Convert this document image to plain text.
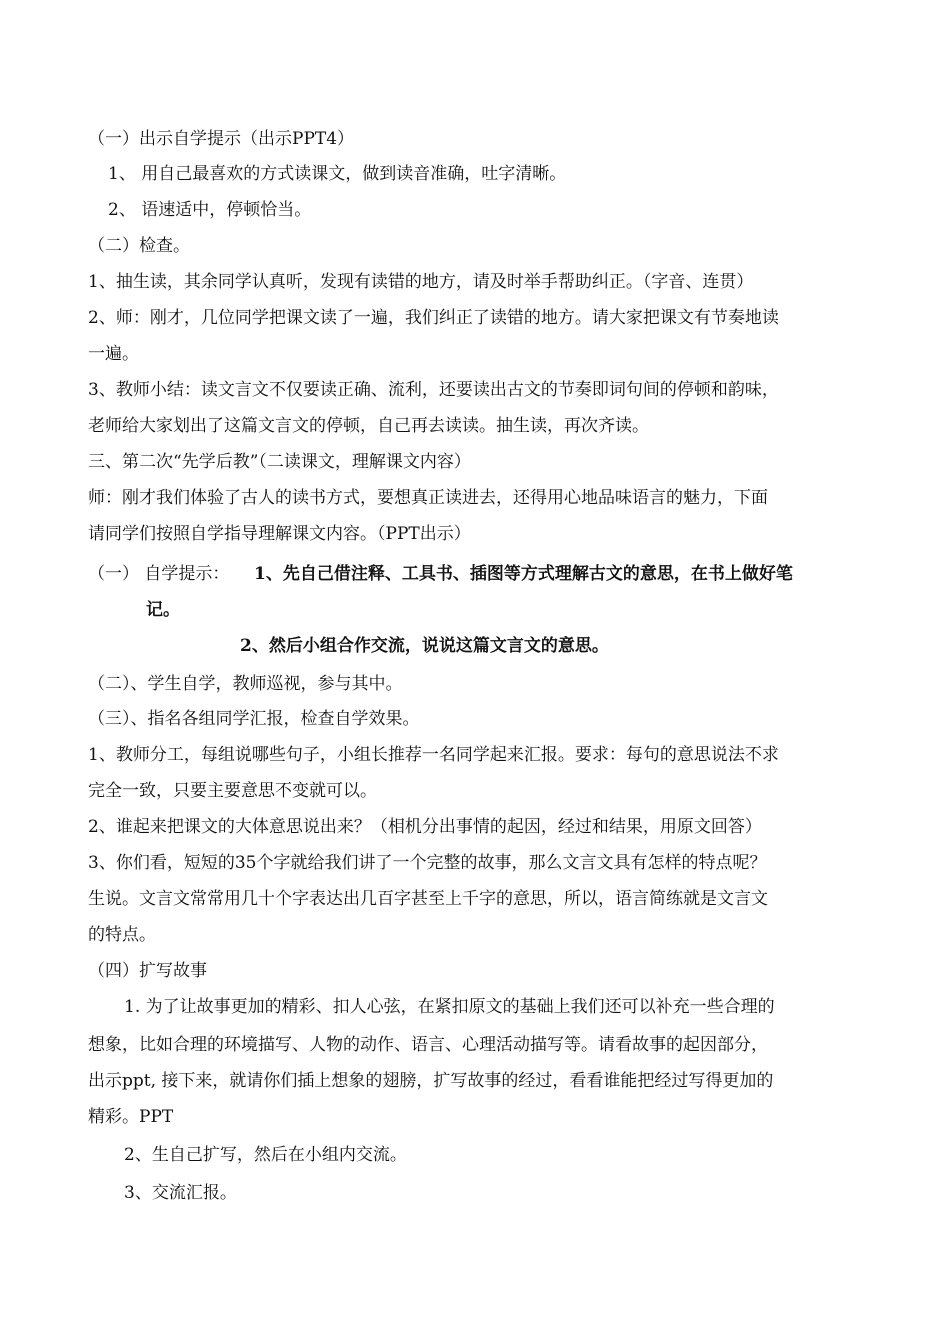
（一）出示自学提示（出示PPT4）
1、 用自己最喜欢的方式读课文，做到读音准确，吐字清晰。
2、 语速适中，停顿恰当。
（二）检查。
1、抽生读，其余同学认真听，发现有读错的地方，请及时举手帮助纠正。（字音、连贯）
2、师：刚才，几位同学把课文读了一遍，我们纠正了读错的地方。请大家把课文有节奏地读
一遍。
3、教师小结：读文言文不仅要读正确、流利，还要读出古文的节奏即词句间的停顿和韵味，
老师给大家划出了这篇文言文的停顿，自己再去读读。抽生读，再次齐读。
三、第二次“先学后教”（二读课文，理解课文内容）
师：刚才我们体验了古人的读书方式，要想真正读进去，还得用心地品味语言的魅力，下面
请同学们按照自学指导理解课文内容。（PPT出示）
（一） 自学提示： 1、先自己借注释、工具书、插图等方式理解古文的意思，在书上做好笔
记。
2、然后小组合作交流，说说这篇文言文的意思。
（二）、学生自学，教师巡视，参与其中。
（三）、指名各组同学汇报，检查自学效果。
1、教师分工，每组说哪些句子，小组长推荐一名同学起来汇报。要求：每句的意思说法不求
完全一致，只要主要意思不变就可以。
2、谁起来把课文的大体意思说出来？（相机分出事情的起因，经过和结果，用原文回答）
3、你们看，短短的35个字就给我们讲了一个完整的故事，那么文言文具有怎样的特点呢？
生说。文言文常常用几十个字表达出几百字甚至上千字的意思，所以，语言简练就是文言文
的特点。
（四）扩写故事
1. 为了让故事更加的精彩、扣人心弦，在紧扣原文的基础上我们还可以补充一些合理的
想象，比如合理的环境描写、人物的动作、语言、心理活动描写等。请看故事的起因部分，
出示ppt, 接下来，就请你们插上想象的翅膀，扩写故事的经过，看看谁能把经过写得更加的
精彩。PPT
2、生自己扩写，然后在小组内交流。
3、交流汇报。
